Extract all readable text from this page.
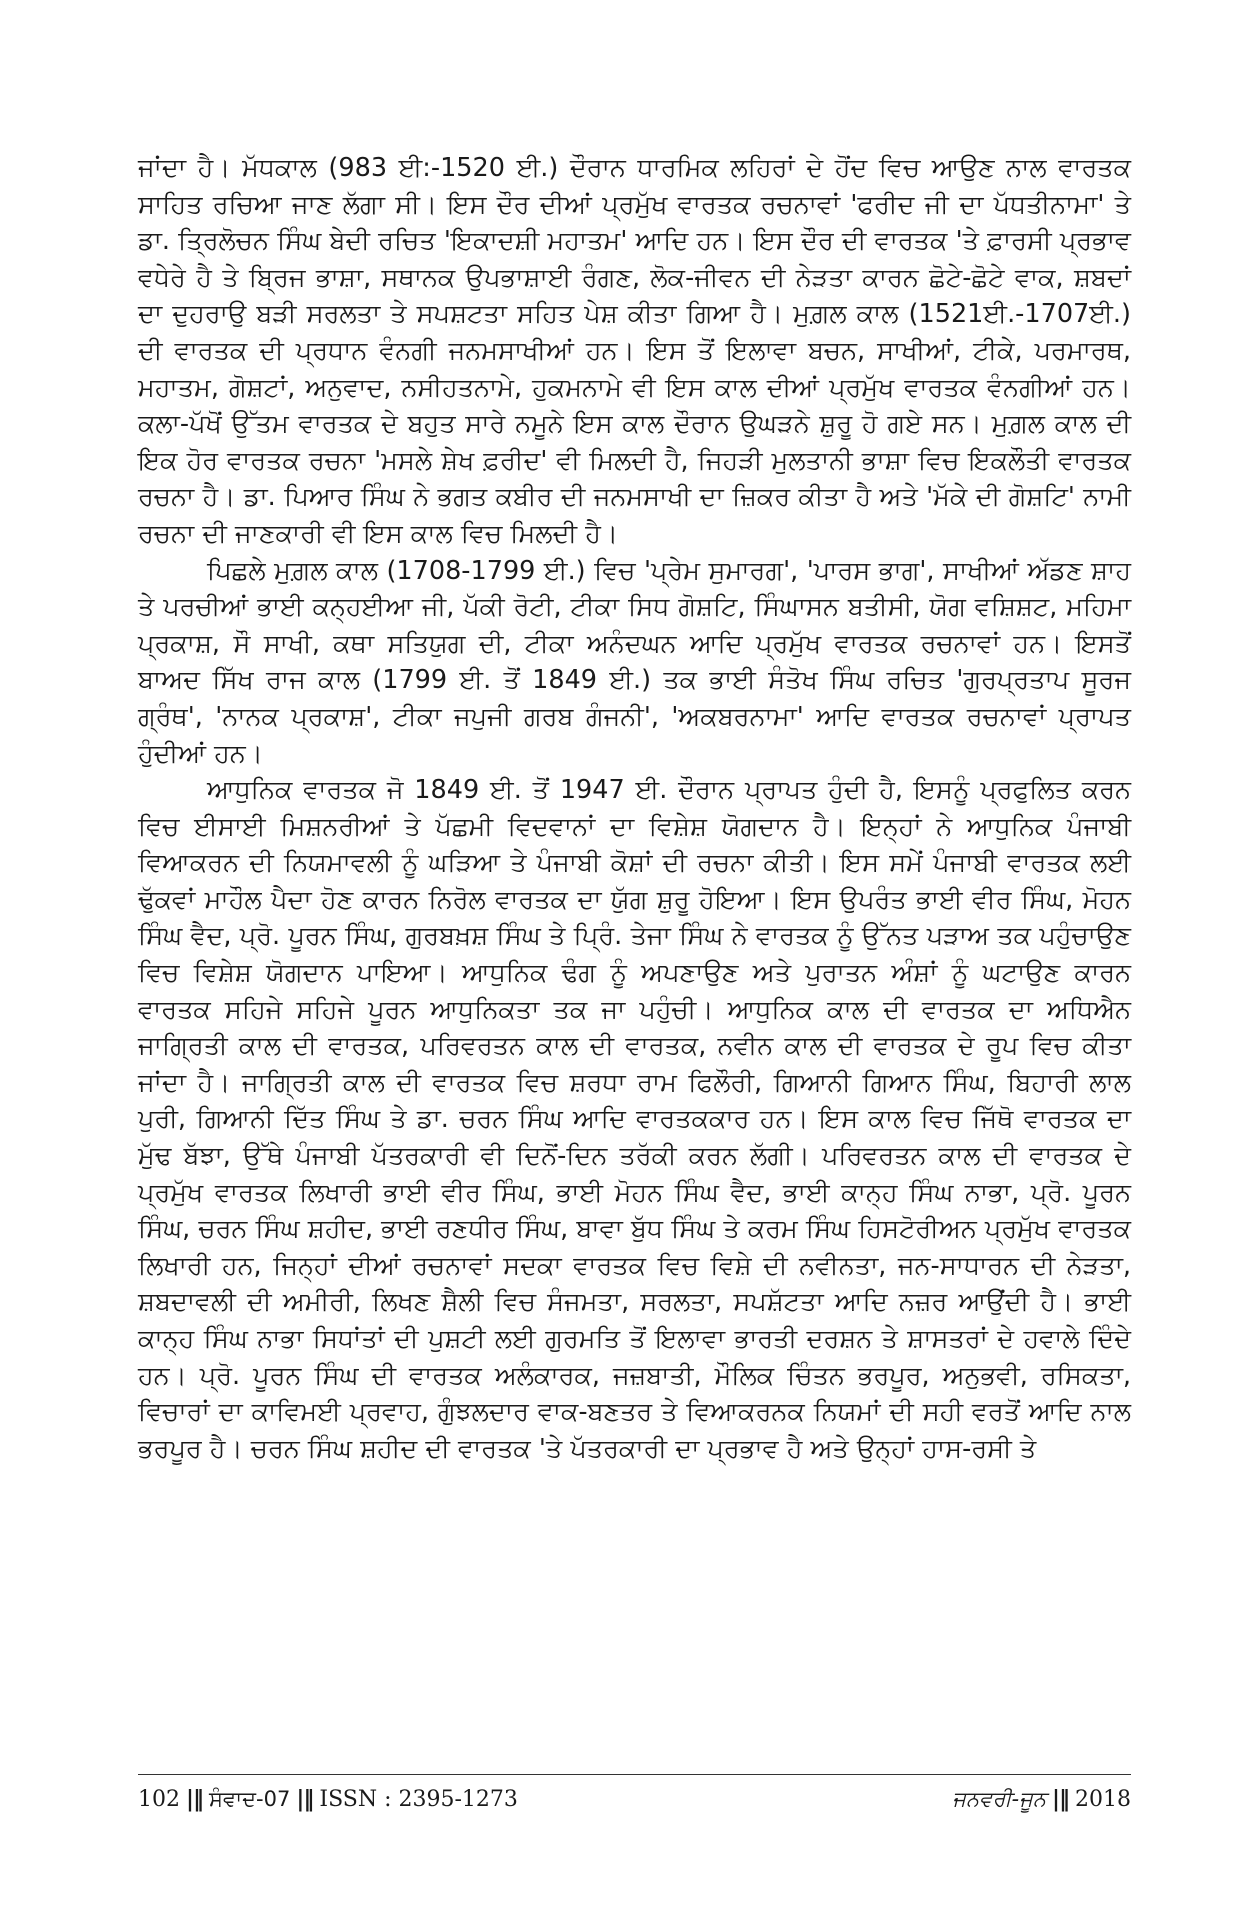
ਜਾਂਦਾ ਹੈ। ਮੱਧਕਾਲ (983 ਈ:-1520 ਈ.) ਦੌਰਾਨ ਧਾਰਮਿਕ ਲਹਿਰਾਂ ਦੇ ਹੋਂਦ ਵਿਚ ਆਉਣ ਨਾਲ ਵਾਰਤਕ ਸਾਹਿਤ ਰਚਿਆ ਜਾਣ ਲੱਗਾ ਸੀ। ਇਸ ਦੌਰ ਦੀਆਂ ਪ੍ਰਮੁੱਖ ਵਾਰਤਕ ਰਚਨਾਵਾਂ 'ਫਰੀਦ ਜੀ ਦਾ ਪੱਧਤੀਨਾਮਾ' ਤੇ ਡਾ. ਤ੍ਰਿਲੋਚਨ ਸਿੰਘ ਬੇਦੀ ਰਚਿਤ 'ਇਕਾਦਸ਼ੀ ਮਹਾਤਮ' ਆਦਿ ਹਨ। ਇਸ ਦੌਰ ਦੀ ਵਾਰਤਕ 'ਤੇ ਫ਼ਾਰਸੀ ਪ੍ਰਭਾਵ ਵਧੇਰੇ ਹੈ ਤੇ ਬ੍ਰਿਜ ਭਾਸ਼ਾ, ਸਥਾਨਕ ਉਪਭਾਸ਼ਾਈ ਰੰਗਣ, ਲੋਕ-ਜੀਵਨ ਦੀ ਨੇੜਤਾ ਕਾਰਨ ਛੋਟੇ-ਛੋਟੇ ਵਾਕ, ਸ਼ਬਦਾਂ ਦਾ ਦੁਹਰਾਉ ਬੜੀ ਸਰਲਤਾ ਤੇ ਸਪਸ਼ਟਤਾ ਸਹਿਤ ਪੇਸ਼ ਕੀਤਾ ਗਿਆ ਹੈ। ਮੁਗ਼ਲ ਕਾਲ (1521ਈ.-1707ਈ.) ਦੀ ਵਾਰਤਕ ਦੀ ਪ੍ਰਧਾਨ ਵੰਨਗੀ ਜਨਮਸਾਖੀਆਂ ਹਨ। ਇਸ ਤੋਂ ਇਲਾਵਾ ਬਚਨ, ਸਾਖੀਆਂ, ਟੀਕੇ, ਪਰਮਾਰਥ, ਮਹਾਤਮ, ਗੋਸ਼ਟਾਂ, ਅਨੁਵਾਦ, ਨਸੀਹਤਨਾਮੇ, ਹੁਕਮਨਾਮੇ ਵੀ ਇਸ ਕਾਲ ਦੀਆਂ ਪ੍ਰਮੁੱਖ ਵਾਰਤਕ ਵੰਨਗੀਆਂ ਹਨ। ਕਲਾ-ਪੱਖੋਂ ਉੱਤਮ ਵਾਰਤਕ ਦੇ ਬਹੁਤ ਸਾਰੇ ਨਮੂਨੇ ਇਸ ਕਾਲ ਦੌਰਾਨ ਉਘੜਨੇ ਸ਼ੁਰੂ ਹੋ ਗਏ ਸਨ। ਮੁਗ਼ਲ ਕਾਲ ਦੀ ਇਕ ਹੋਰ ਵਾਰਤਕ ਰਚਨਾ 'ਮਸਲੇ ਸ਼ੇਖ ਫ਼ਰੀਦ' ਵੀ ਮਿਲਦੀ ਹੈ, ਜਿਹੜੀ ਮੁਲਤਾਨੀ ਭਾਸ਼ਾ ਵਿਚ ਇਕਲੌਤੀ ਵਾਰਤਕ ਰਚਨਾ ਹੈ। ਡਾ. ਪਿਆਰ ਸਿੰਘ ਨੇ ਭਗਤ ਕਬੀਰ ਦੀ ਜਨਮਸਾਖੀ ਦਾ ਜ਼ਿਕਰ ਕੀਤਾ ਹੈ ਅਤੇ 'ਮੱਕੇ ਦੀ ਗੋਸ਼ਟਿ' ਨਾਮੀ ਰਚਨਾ ਦੀ ਜਾਣਕਾਰੀ ਵੀ ਇਸ ਕਾਲ ਵਿਚ ਮਿਲਦੀ ਹੈ।

ਪਿਛਲੇ ਮੁਗ਼ਲ ਕਾਲ (1708-1799 ਈ.) ਵਿਚ 'ਪ੍ਰੇਮ ਸੁਮਾਰਗ', 'ਪਾਰਸ ਭਾਗ', ਸਾਖੀਆਂ ਅੱਡਣ ਸ਼ਾਹ ਤੇ ਪਰਚੀਆਂ ਭਾਈ ਕਨ੍ਹਈਆ ਜੀ, ਪੱਕੀ ਰੋਟੀ, ਟੀਕਾ ਸਿਧ ਗੋਸ਼ਟਿ, ਸਿੰਘਾਸਨ ਬਤੀਸੀ, ਯੋਗ ਵਸ਼ਿਸ਼ਟ, ਮਹਿਮਾ ਪ੍ਰਕਾਸ਼, ਸੌ ਸਾਖੀ, ਕਥਾ ਸਤਿਯੁਗ ਦੀ, ਟੀਕਾ ਅਨੰਦਘਨ ਆਦਿ ਪ੍ਰਮੁੱਖ ਵਾਰਤਕ ਰਚਨਾਵਾਂ ਹਨ। ਇਸਤੋਂ ਬਾਅਦ ਸਿੱਖ ਰਾਜ ਕਾਲ (1799 ਈ. ਤੋਂ 1849 ਈ.) ਤਕ ਭਾਈ ਸੰਤੋਖ ਸਿੰਘ ਰਚਿਤ 'ਗੁਰਪ੍ਰਤਾਪ ਸੂਰਜ ਗ੍ਰੰਥ', 'ਨਾਨਕ ਪ੍ਰਕਾਸ਼', ਟੀਕਾ ਜਪੁਜੀ ਗਰਬ ਗੰਜਨੀ', 'ਅਕਬਰਨਾਮਾ' ਆਦਿ ਵਾਰਤਕ ਰਚਨਾਵਾਂ ਪ੍ਰਾਪਤ ਹੁੰਦੀਆਂ ਹਨ।

ਆਧੁਨਿਕ ਵਾਰਤਕ ਜੋ 1849 ਈ. ਤੋਂ 1947 ਈ. ਦੌਰਾਨ ਪ੍ਰਾਪਤ ਹੁੰਦੀ ਹੈ, ਇਸਨੂੰ ਪ੍ਰਫੁਲਿਤ ਕਰਨ ਵਿਚ ਈਸਾਈ ਮਿਸ਼ਨਰੀਆਂ ਤੇ ਪੱਛਮੀ ਵਿਦਵਾਨਾਂ ਦਾ ਵਿਸ਼ੇਸ਼ ਯੋਗਦਾਨ ਹੈ। ਇਨ੍ਹਾਂ ਨੇ ਆਧੁਨਿਕ ਪੰਜਾਬੀ ਵਿਆਕਰਨ ਦੀ ਨਿਯਮਾਵਲੀ ਨੂੰ ਘੜਿਆ ਤੇ ਪੰਜਾਬੀ ਕੋਸ਼ਾਂ ਦੀ ਰਚਨਾ ਕੀਤੀ। ਇਸ ਸਮੇਂ ਪੰਜਾਬੀ ਵਾਰਤਕ ਲਈ ਢੁੱਕਵਾਂ ਮਾਹੌਲ ਪੈਦਾ ਹੋਣ ਕਾਰਨ ਨਿਰੋਲ ਵਾਰਤਕ ਦਾ ਯੁੱਗ ਸ਼ੁਰੂ ਹੋਇਆ। ਇਸ ਉਪਰੰਤ ਭਾਈ ਵੀਰ ਸਿੰਘ, ਮੋਹਨ ਸਿੰਘ ਵੈਦ, ਪ੍ਰੋ. ਪੂਰਨ ਸਿੰਘ, ਗੁਰਬਖ਼ਸ਼ ਸਿੰਘ ਤੇ ਪ੍ਰਿੰ. ਤੇਜਾ ਸਿੰਘ ਨੇ ਵਾਰਤਕ ਨੂੰ ਉੱਨਤ ਪੜਾਅ ਤਕ ਪਹੁੰਚਾਉਣ ਵਿਚ ਵਿਸ਼ੇਸ਼ ਯੋਗਦਾਨ ਪਾਇਆ। ਆਧੁਨਿਕ ਢੰਗ ਨੂੰ ਅਪਣਾਉਣ ਅਤੇ ਪੁਰਾਤਨ ਅੰਸ਼ਾਂ ਨੂੰ ਘਟਾਉਣ ਕਾਰਨ ਵਾਰਤਕ ਸਹਿਜੇ ਸਹਿਜੇ ਪੂਰਨ ਆਧੁਨਿਕਤਾ ਤਕ ਜਾ ਪਹੁੰਚੀ। ਆਧੁਨਿਕ ਕਾਲ ਦੀ ਵਾਰਤਕ ਦਾ ਅਧਿਐਨ ਜਾਗ੍ਰਿਤੀ ਕਾਲ ਦੀ ਵਾਰਤਕ, ਪਰਿਵਰਤਨ ਕਾਲ ਦੀ ਵਾਰਤਕ, ਨਵੀਨ ਕਾਲ ਦੀ ਵਾਰਤਕ ਦੇ ਰੂਪ ਵਿਚ ਕੀਤਾ ਜਾਂਦਾ ਹੈ। ਜਾਗ੍ਰਿਤੀ ਕਾਲ ਦੀ ਵਾਰਤਕ ਵਿਚ ਸ਼ਰਧਾ ਰਾਮ ਫਿਲੌਰੀ, ਗਿਆਨੀ ਗਿਆਨ ਸਿੰਘ, ਬਿਹਾਰੀ ਲਾਲ ਪੁਰੀ, ਗਿਆਨੀ ਦਿੱਤ ਸਿੰਘ ਤੇ ਡਾ. ਚਰਨ ਸਿੰਘ ਆਦਿ ਵਾਰਤਕਕਾਰ ਹਨ। ਇਸ ਕਾਲ ਵਿਚ ਜਿੱਥੋ ਵਾਰਤਕ ਦਾ ਮੁੱਢ ਬੱਝਾ, ਉੱਥੇ ਪੰਜਾਬੀ ਪੱਤਰਕਾਰੀ ਵੀ ਦਿਨੋਂ-ਦਿਨ ਤਰੱਕੀ ਕਰਨ ਲੱਗੀ। ਪਰਿਵਰਤਨ ਕਾਲ ਦੀ ਵਾਰਤਕ ਦੇ ਪ੍ਰਮੁੱਖ ਵਾਰਤਕ ਲਿਖਾਰੀ ਭਾਈ ਵੀਰ ਸਿੰਘ, ਭਾਈ ਮੋਹਨ ਸਿੰਘ ਵੈਦ, ਭਾਈ ਕਾਨ੍ਹ ਸਿੰਘ ਨਾਭਾ, ਪ੍ਰੋ. ਪੂਰਨ ਸਿੰਘ, ਚਰਨ ਸਿੰਘ ਸ਼ਹੀਦ, ਭਾਈ ਰਣਧੀਰ ਸਿੰਘ, ਬਾਵਾ ਬੁੱਧ ਸਿੰਘ ਤੇ ਕਰਮ ਸਿੰਘ ਹਿਸਟੋਰੀਅਨ ਪ੍ਰਮੁੱਖ ਵਾਰਤਕ ਲਿਖਾਰੀ ਹਨ, ਜਿਨ੍ਹਾਂ ਦੀਆਂ ਰਚਨਾਵਾਂ ਸਦਕਾ ਵਾਰਤਕ ਵਿਚ ਵਿਸ਼ੇ ਦੀ ਨਵੀਨਤਾ, ਜਨ-ਸਾਧਾਰਨ ਦੀ ਨੇੜਤਾ, ਸ਼ਬਦਾਵਲੀ ਦੀ ਅਮੀਰੀ, ਲਿਖਣ ਸ਼ੈਲੀ ਵਿਚ ਸੰਜਮਤਾ, ਸਰਲਤਾ, ਸਪਸ਼ੱਟਤਾ ਆਦਿ ਨਜ਼ਰ ਆਉਂਦੀ ਹੈ। ਭਾਈ ਕਾਨ੍ਹ ਸਿੰਘ ਨਾਭਾ ਸਿਧਾਂਤਾਂ ਦੀ ਪੁਸ਼ਟੀ ਲਈ ਗੁਰਮਤਿ ਤੋਂ ਇਲਾਵਾ ਭਾਰਤੀ ਦਰਸ਼ਨ ਤੇ ਸ਼ਾਸਤਰਾਂ ਦੇ ਹਵਾਲੇ ਦਿੰਦੇ ਹਨ। ਪ੍ਰੋ. ਪੂਰਨ ਸਿੰਘ ਦੀ ਵਾਰਤਕ ਅਲੰਕਾਰਕ, ਜਜ਼ਬਾਤੀ, ਮੌਲਿਕ ਚਿੰਤਨ ਭਰਪੂਰ, ਅਨੁਭਵੀ, ਰਸਿਕਤਾ, ਵਿਚਾਰਾਂ ਦਾ ਕਾਵਿਮਈ ਪ੍ਰਵਾਹ, ਗੁੰਝਲਦਾਰ ਵਾਕ-ਬਣਤਰ ਤੇ ਵਿਆਕਰਨਕ ਨਿਯਮਾਂ ਦੀ ਸਹੀ ਵਰਤੋਂ ਆਦਿ ਨਾਲ ਭਰਪੂਰ ਹੈ। ਚਰਨ ਸਿੰਘ ਸ਼ਹੀਦ ਦੀ ਵਾਰਤਕ 'ਤੇ ਪੱਤਰਕਾਰੀ ਦਾ ਪ੍ਰਭਾਵ ਹੈ ਅਤੇ ਉਨ੍ਹਾਂ ਹਾਸ-ਰਸੀ ਤੇ

102 |‖ ਸੰਵਾਦ-07 |‖ ISSN : 2395-1273	ਜਨਵਰੀ-ਜੂਨ |‖ 2018
